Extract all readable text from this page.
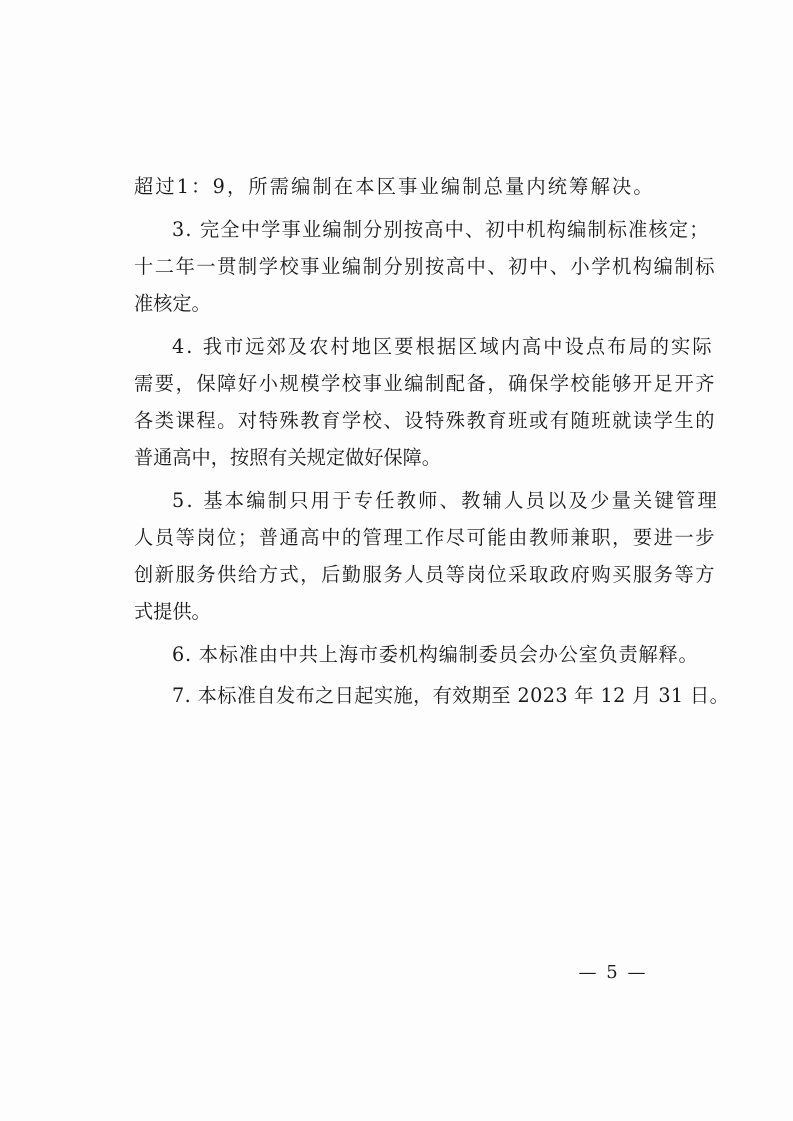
超过1：9，所需编制在本区事业编制总量内统筹解决。
3. 完全中学事业编制分别按高中、初中机构编制标准核定；
十二年一贯制学校事业编制分别按高中、初中、小学机构编制标
准核定。
4. 我市远郊及农村地区要根据区域内高中设点布局的实际
需要，保障好小规模学校事业编制配备，确保学校能够开足开齐
各类课程。对特殊教育学校、设特殊教育班或有随班就读学生的
普通高中，按照有关规定做好保障。
5. 基本编制只用于专任教师、教辅人员以及少量关键管理
人员等岗位；普通高中的管理工作尽可能由教师兼职，要进一步
创新服务供给方式，后勤服务人员等岗位采取政府购买服务等方
式提供。
6. 本标准由中共上海市委机构编制委员会办公室负责解释。
7. 本标准自发布之日起实施，有效期至 2023 年 12 月 31 日。
— 5 —
